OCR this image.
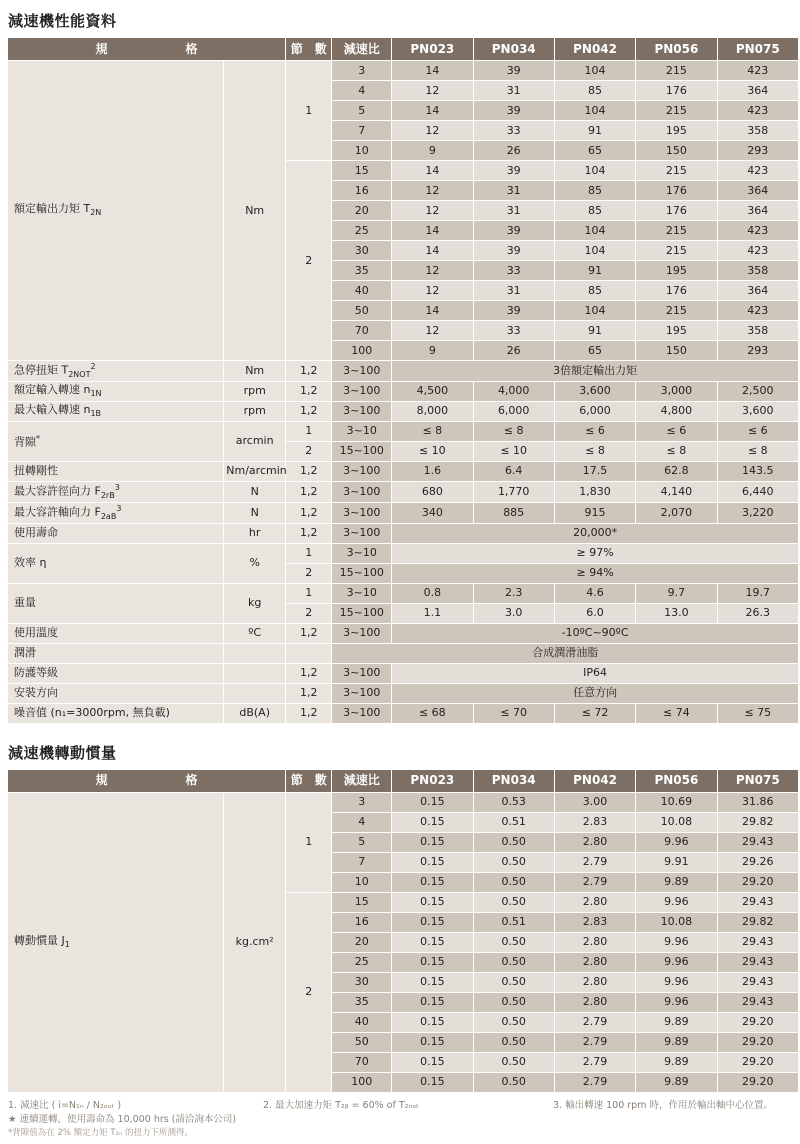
減速機性能資料
規　　格		節　數	減速比	PN023	PN034	PN042	PN056	PN075
額定輸出力矩 $T_{2N}$	Nm	1	3	14	39	104	215	423
			4	12	31	85	176	364
			5	14	39	104	215	423
			7	12	33	91	195	358
			10	9	26	65	150	293
		2	15	14	39	104	215	423
			16	12	31	85	176	364
			20	12	31	85	176	364
			25	14	39	104	215	423
			30	14	39	104	215	423
			35	12	33	91	195	358
			40	12	31	85	176	364
			50	14	39	104	215	423
			70	12	33	91	195	358
			100	9	26	65	150	293
急停扭矩 $T_{2NOT}^2$	Nm	1,2	3~100	3倍額定輸出力矩				
額定輸入轉速 $n_{1N}$	rpm	1,2	3~100	4,500	4,000	3,600	3,000	2,500
最大輸入轉速 $n_{1B}$	rpm	1,2	3~100	8,000	6,000	6,000	4,800	3,600
背隙*	arcmin	1	3~10	≤ 8	≤ 8	≤ 6	≤ 6	≤ 6
		2	15~100	≤ 10	≤ 10	≤ 8	≤ 8	≤ 8
扭轉剛性	Nm/arcmin	1,2	3~100	1.6	6.4	17.5	62.8	143.5
最大容許徑向力 $F_{2rB}^3$	N	1,2	3~100	680	1,770	1,830	4,140	6,440
最大容許軸向力 $F_{2aB}^3$	N	1,2	3~100	340	885	915	2,070	3,220
使用壽命	hr	1,2	3~100	20,000*				
效率 η	%	1	3~10	≥ 97%				
		2	15~100	≥ 94%				
重量	kg	1	3~10	0.8	2.3	4.6	9.7	19.7
		2	15~100	1.1	3.0	6.0	13.0	26.3
使用溫度	ºC	1,2	3~100	-10ºC~90ºC				
潤滑			合成潤滑油脂					
防護等級		1,2	3~100	IP64				
安裝方向		1,2	3~100	任意方向				
噪音值 (n₁=3000rpm, 無負載)	dB(A)	1,2	3~100	≤ 68	≤ 70	≤ 72	≤ 74	≤ 75
減速機轉動慣量
規　　格		節　數	減速比	PN023	PN034	PN042	PN056	PN075
轉動慣量 $J_1$	kg.cm²	1	3	0.15	0.53	3.00	10.69	31.86
			4	0.15	0.51	2.83	10.08	29.82
			5	0.15	0.50	2.80	9.96	29.43
			7	0.15	0.50	2.79	9.91	29.26
			10	0.15	0.50	2.79	9.89	29.20
		2	15	0.15	0.50	2.80	9.96	29.43
			16	0.15	0.51	2.83	10.08	29.82
			20	0.15	0.50	2.80	9.96	29.43
			25	0.15	0.50	2.80	9.96	29.43
			30	0.15	0.50	2.80	9.96	29.43
			35	0.15	0.50	2.80	9.96	29.43
			40	0.15	0.50	2.79	9.89	29.20
			50	0.15	0.50	2.79	9.89	29.20
			70	0.15	0.50	2.79	9.89	29.20
			100	0.15	0.50	2.79	9.89	29.20
1. 減速比 ( i=N₁ₙ / N₂ₒᵤₜ )	2. 最大加速力矩 T₂ᵦ = 60% of T₂ₙₒₜ	3. 輸出轉速 100 rpm 時，作用於輸出軸中心位置。
★ 連續運轉，使用壽命為 10,000 hrs (請洽詢本公司)
*背隙值為在 2% 額定力矩 T₂ₙ 的扭力下所測得。
